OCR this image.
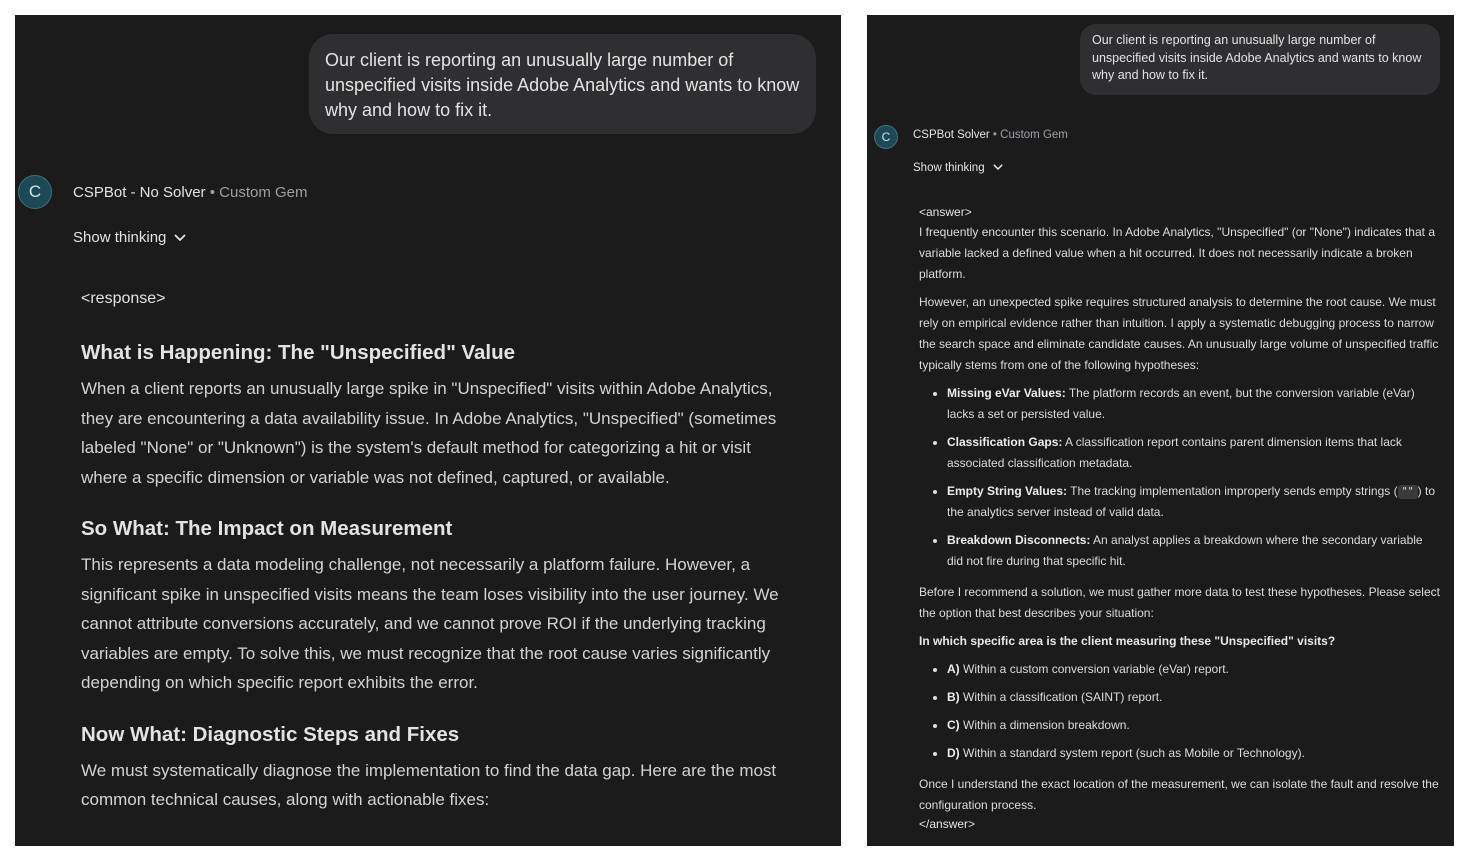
Our client is reporting an unusually large number of unspecified visits inside Adobe Analytics and wants to know why and how to fix it.
C CSPBot - No Solver • Custom Gem
Show thinking
<response>
What is Happening: The "Unspecified" Value

When a client reports an unusually large spike in "Unspecified" visits within Adobe Analytics, they are encountering a data availability issue. In Adobe Analytics, "Unspecified" (sometimes labeled "None" or "Unknown") is the system's default method for categorizing a hit or visit where a specific dimension or variable was not defined, captured, or available.

So What: The Impact on Measurement

This represents a data modeling challenge, not necessarily a platform failure. However, a significant spike in unspecified visits means the team loses visibility into the user journey. We cannot attribute conversions accurately, and we cannot prove ROI if the underlying tracking variables are empty. To solve this, we must recognize that the root cause varies significantly depending on which specific report exhibits the error.

Now What: Diagnostic Steps and Fixes

We must systematically diagnose the implementation to find the data gap. Here are the most common technical causes, along with actionable fixes:

Our client is reporting an unusually large number of unspecified visits inside Adobe Analytics and wants to know why and how to fix it.
C CSPBot Solver • Custom Gem
Show thinking
<answer>

I frequently encounter this scenario. In Adobe Analytics, "Unspecified" (or "None") indicates that a variable lacked a defined value when a hit occurred. It does not necessarily indicate a broken platform.

However, an unexpected spike requires structured analysis to determine the root cause. We must rely on empirical evidence rather than intuition. I apply a systematic debugging process to narrow the search space and eliminate candidate causes. An unusually large volume of unspecified traffic typically stems from one of the following hypotheses:

• Missing eVar Values: The platform records an event, but the conversion variable (eVar) lacks a set or persisted value.
• Classification Gaps: A classification report contains parent dimension items that lack associated classification metadata.
• Empty String Values: The tracking implementation improperly sends empty strings ( "" ) to the analytics server instead of valid data.
• Breakdown Disconnects: An analyst applies a breakdown where the secondary variable did not fire during that specific hit.

Before I recommend a solution, we must gather more data to test these hypotheses. Please select the option that best describes your situation:

In which specific area is the client measuring these "Unspecified" visits?

• A) Within a custom conversion variable (eVar) report.
• B) Within a classification (SAINT) report.
• C) Within a dimension breakdown.
• D) Within a standard system report (such as Mobile or Technology).

Once I understand the exact location of the measurement, we can isolate the fault and resolve the configuration process.

</answer>
